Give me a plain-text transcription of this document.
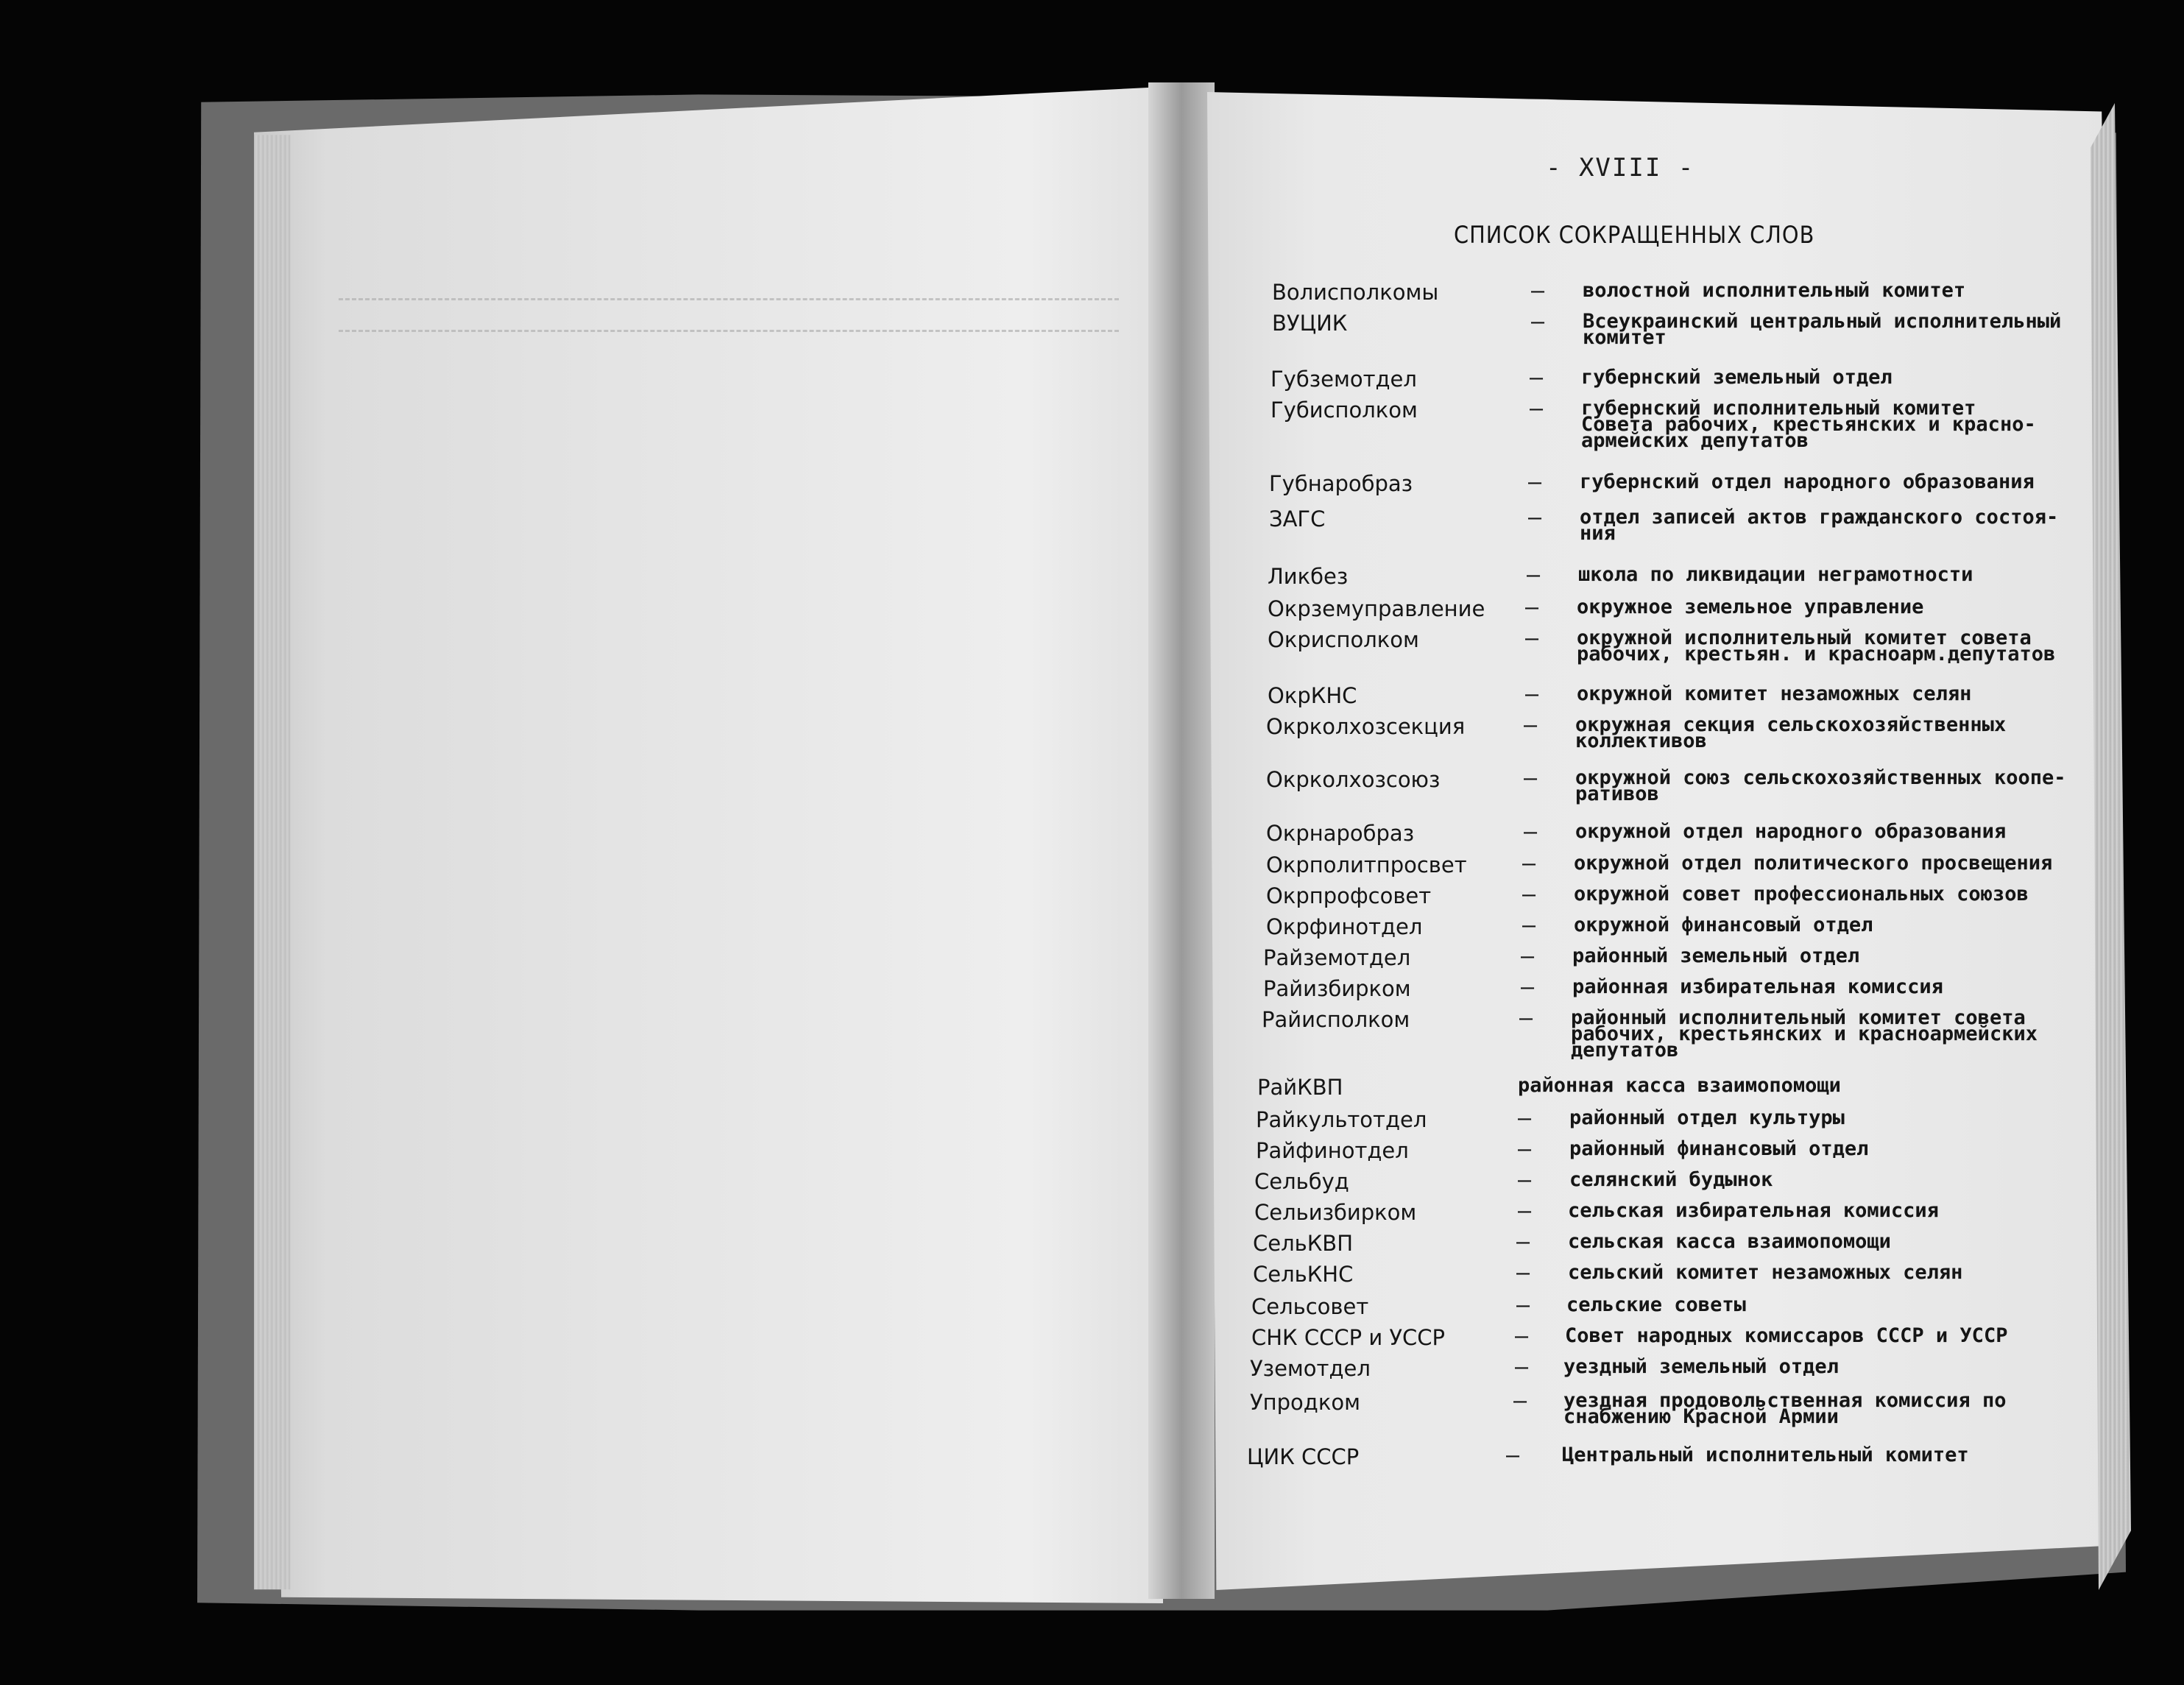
- XVIII -
СПИСОК СОКРАЩЕННЫХ СЛОВ
Волисполкомы	– волостной исполнительный комитет
ВУЦИК	– Всеукраинский центральный исполнительный
комитет
Губземотдел	– губернский земельный отдел
Губисполком	– губернский исполнительный комитет
Совета рабочих, крестьянских и красно-
армейских депутатов
Губнаробраз	– губернский отдел народного образования
ЗАГС	– отдел записей актов гражданского состоя-
ния
Ликбез	– школа по ликвидации неграмотности
Окрземуправление – окружное земельное управление
Окрисполком	– окружной исполнительный комитет совета
рабочих, крестьян. и красноарм.депутатов
ОкрКНС	– окружной комитет незаможных селян
Окрколхозсекция	– окружная секция сельскохозяйственных
коллективов
Окрколхозсоюз	– окружной союз сельскохозяйственных коопе-
ративов
Окрнаробраз	– окружной отдел народного образования
Окрполитпросвет	– окружной отдел политического просвещения
Окрпрофсовет	– окружной совет профессиональных союзов
Окрфинотдел	– окружной финансовый отдел
Райземотдел	– районный земельный отдел
Райизбирком	– районная избирательная комиссия
Райисполком	– районный исполнительный комитет совета
рабочих, крестьянских и красноармейских
депутатов
РайКВП	районная касса взаимопомощи
Райкультотдел	– районный отдел культуры
Райфинотдел	– районный финансовый отдел
Сельбуд	– селянский будынок
Сельизбирком	– сельская избирательная комиссия
СельКВП	– сельская касса взаимопомощи
СельКНС	– сельский комитет незаможных селян
Сельсовет	– сельские советы
СНК СССР и УССР	– Совет народных комиссаров СССР и УССР
Уземотдел	– уездный земельный отдел
Упродком	– уездная продовольственная комиссия по
снабжению Красной Армии
ЦИК СССР	– Центральный исполнительный комитет
